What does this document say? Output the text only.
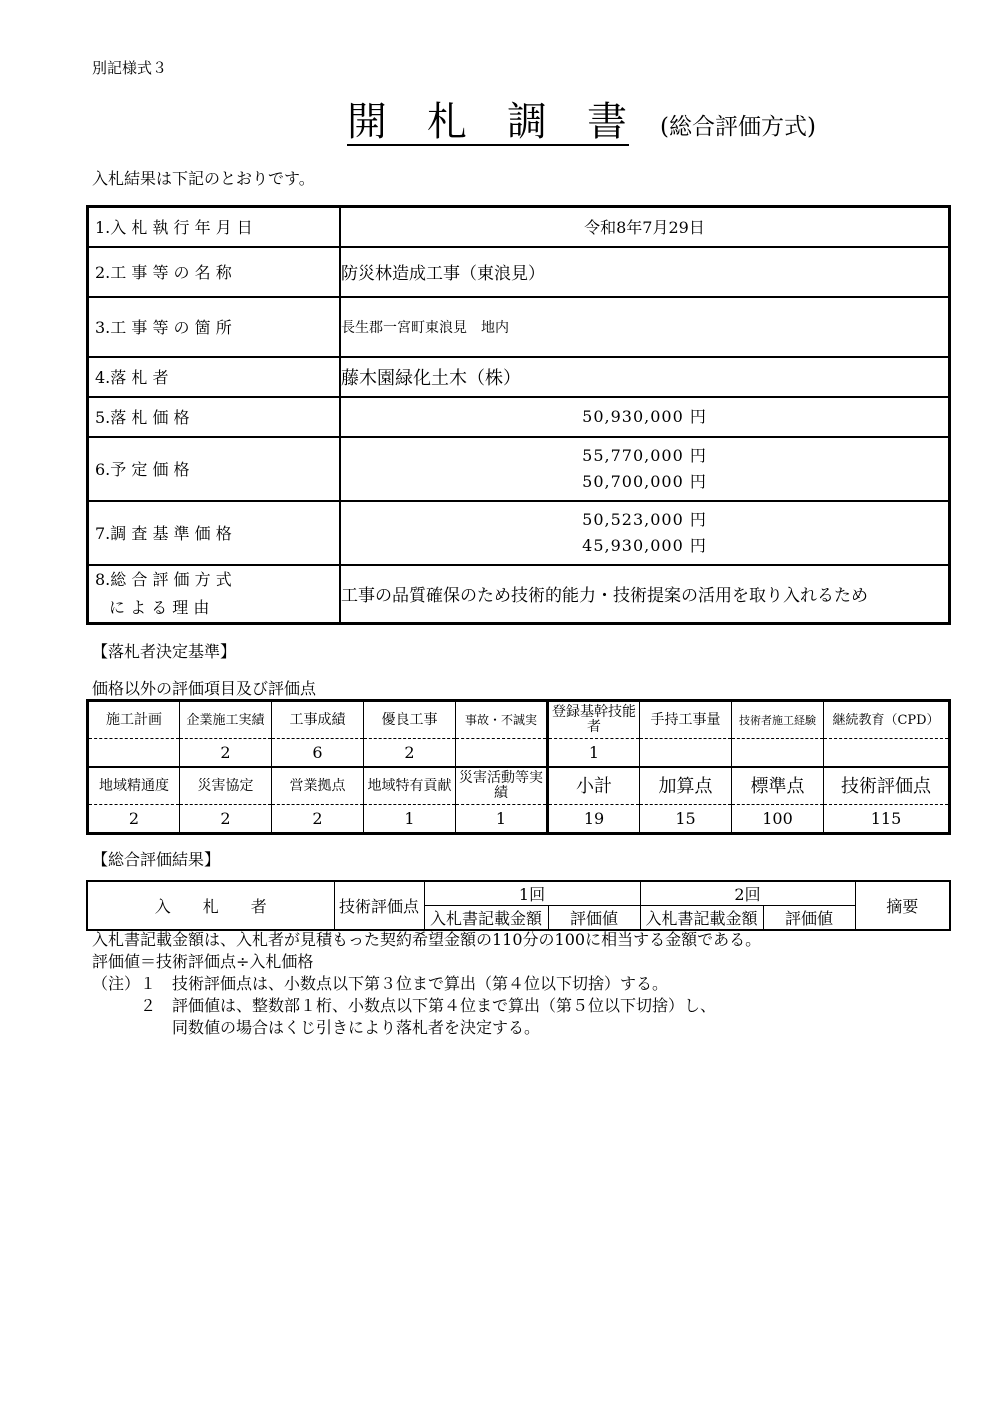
別記様式３
開 札 調 書 (総合評価方式)
入札結果は下記のとおりです。
1.入 札 執 行 年 月 日	令和8年7月29日
2.工 事 等 の 名 称	防災林造成工事（東浪見）
3.工 事 等 の 箇 所	長生郡一宮町東浪見　地内
4.落 札 者	藤木園緑化土木（株）
5.落 札 価 格	50,930,000 円
6.予 定 価 格	55,770,000 円
50,700,000 円

7.調 査 基 準 価 格	50,523,000 円
45,930,000 円

8.総 合 評 価 方 式
に よ る 理 由	工事の品質確保のため技術的能力・技術提案の活用を取り入れるため
【落札者決定基準】
価格以外の評価項目及び評価点
施工計画	企業施工実績	工事成績	優良工事	事故・不誠実	登録基幹技能者	手持工事量	技術者施工経験	継続教育（CPD）
	2	6	2		1			
地域精通度	災害協定	営業拠点	地域特有貢献	災害活動等実績	小計	加算点	標準点	技術評価点
2	2	2	1	1	19	15	100	115
【総合評価結果】
入　　札　　者	技術評価点	1回		2回		摘要
		入札書記載金額	評価値	入札書記載金額	評価値	
入札書記載金額は、入札者が見積もった契約希望金額の110分の100に相当する金額である。
評価値＝技術評価点÷入札価格
（注）１　技術評価点は、小数点以下第３位まで算出（第４位以下切捨）する。
　　　２　評価値は、整数部１桁、小数点以下第４位まで算出（第５位以下切捨）し、
　　　　　同数値の場合はくじ引きにより落札者を決定する。
